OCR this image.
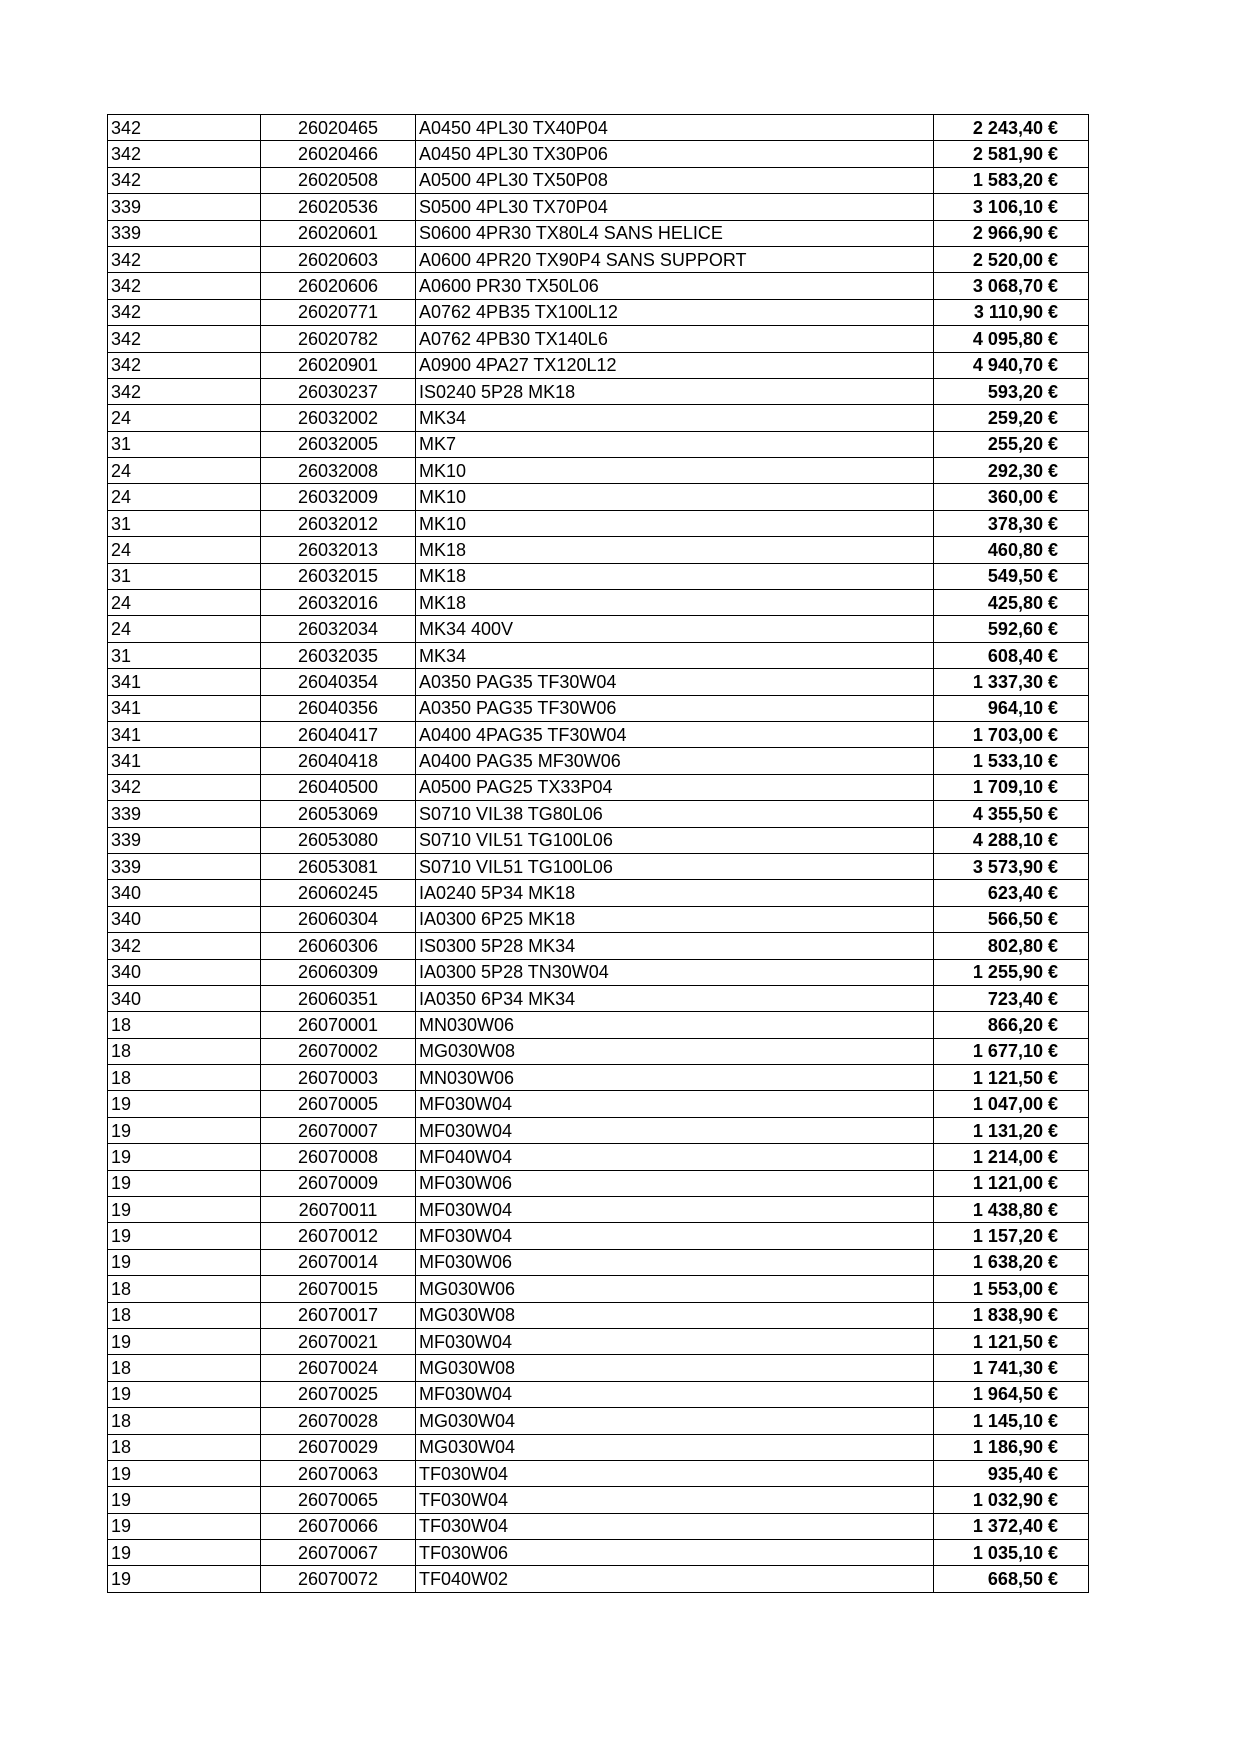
342	26020465	A0450 4PL30 TX40P04	2 243,40 €
342	26020466	A0450 4PL30 TX30P06	2 581,90 €
342	26020508	A0500 4PL30 TX50P08	1 583,20 €
339	26020536	S0500 4PL30 TX70P04	3 106,10 €
339	26020601	S0600 4PR30 TX80L4 SANS HELICE	2 966,90 €
342	26020603	A0600 4PR20 TX90P4 SANS SUPPORT	2 520,00 €
342	26020606	A0600 PR30 TX50L06	3 068,70 €
342	26020771	A0762 4PB35 TX100L12	3 110,90 €
342	26020782	A0762 4PB30 TX140L6	4 095,80 €
342	26020901	A0900 4PA27 TX120L12	4 940,70 €
342	26030237	IS0240 5P28 MK18	593,20 €
24	26032002	MK34	259,20 €
31	26032005	MK7	255,20 €
24	26032008	MK10	292,30 €
24	26032009	MK10	360,00 €
31	26032012	MK10	378,30 €
24	26032013	MK18	460,80 €
31	26032015	MK18	549,50 €
24	26032016	MK18	425,80 €
24	26032034	MK34 400V	592,60 €
31	26032035	MK34	608,40 €
341	26040354	A0350 PAG35 TF30W04	1 337,30 €
341	26040356	A0350 PAG35 TF30W06	964,10 €
341	26040417	A0400 4PAG35 TF30W04	1 703,00 €
341	26040418	A0400 PAG35 MF30W06	1 533,10 €
342	26040500	A0500 PAG25 TX33P04	1 709,10 €
339	26053069	S0710 VIL38 TG80L06	4 355,50 €
339	26053080	S0710 VIL51 TG100L06	4 288,10 €
339	26053081	S0710 VIL51 TG100L06	3 573,90 €
340	26060245	IA0240 5P34 MK18	623,40 €
340	26060304	IA0300 6P25 MK18	566,50 €
342	26060306	IS0300 5P28 MK34	802,80 €
340	26060309	IA0300 5P28 TN30W04	1 255,90 €
340	26060351	IA0350 6P34 MK34	723,40 €
18	26070001	MN030W06	866,20 €
18	26070002	MG030W08	1 677,10 €
18	26070003	MN030W06	1 121,50 €
19	26070005	MF030W04	1 047,00 €
19	26070007	MF030W04	1 131,20 €
19	26070008	MF040W04	1 214,00 €
19	26070009	MF030W06	1 121,00 €
19	26070011	MF030W04	1 438,80 €
19	26070012	MF030W04	1 157,20 €
19	26070014	MF030W06	1 638,20 €
18	26070015	MG030W06	1 553,00 €
18	26070017	MG030W08	1 838,90 €
19	26070021	MF030W04	1 121,50 €
18	26070024	MG030W08	1 741,30 €
19	26070025	MF030W04	1 964,50 €
18	26070028	MG030W04	1 145,10 €
18	26070029	MG030W04	1 186,90 €
19	26070063	TF030W04	935,40 €
19	26070065	TF030W04	1 032,90 €
19	26070066	TF030W04	1 372,40 €
19	26070067	TF030W06	1 035,10 €
19	26070072	TF040W02	668,50 €
